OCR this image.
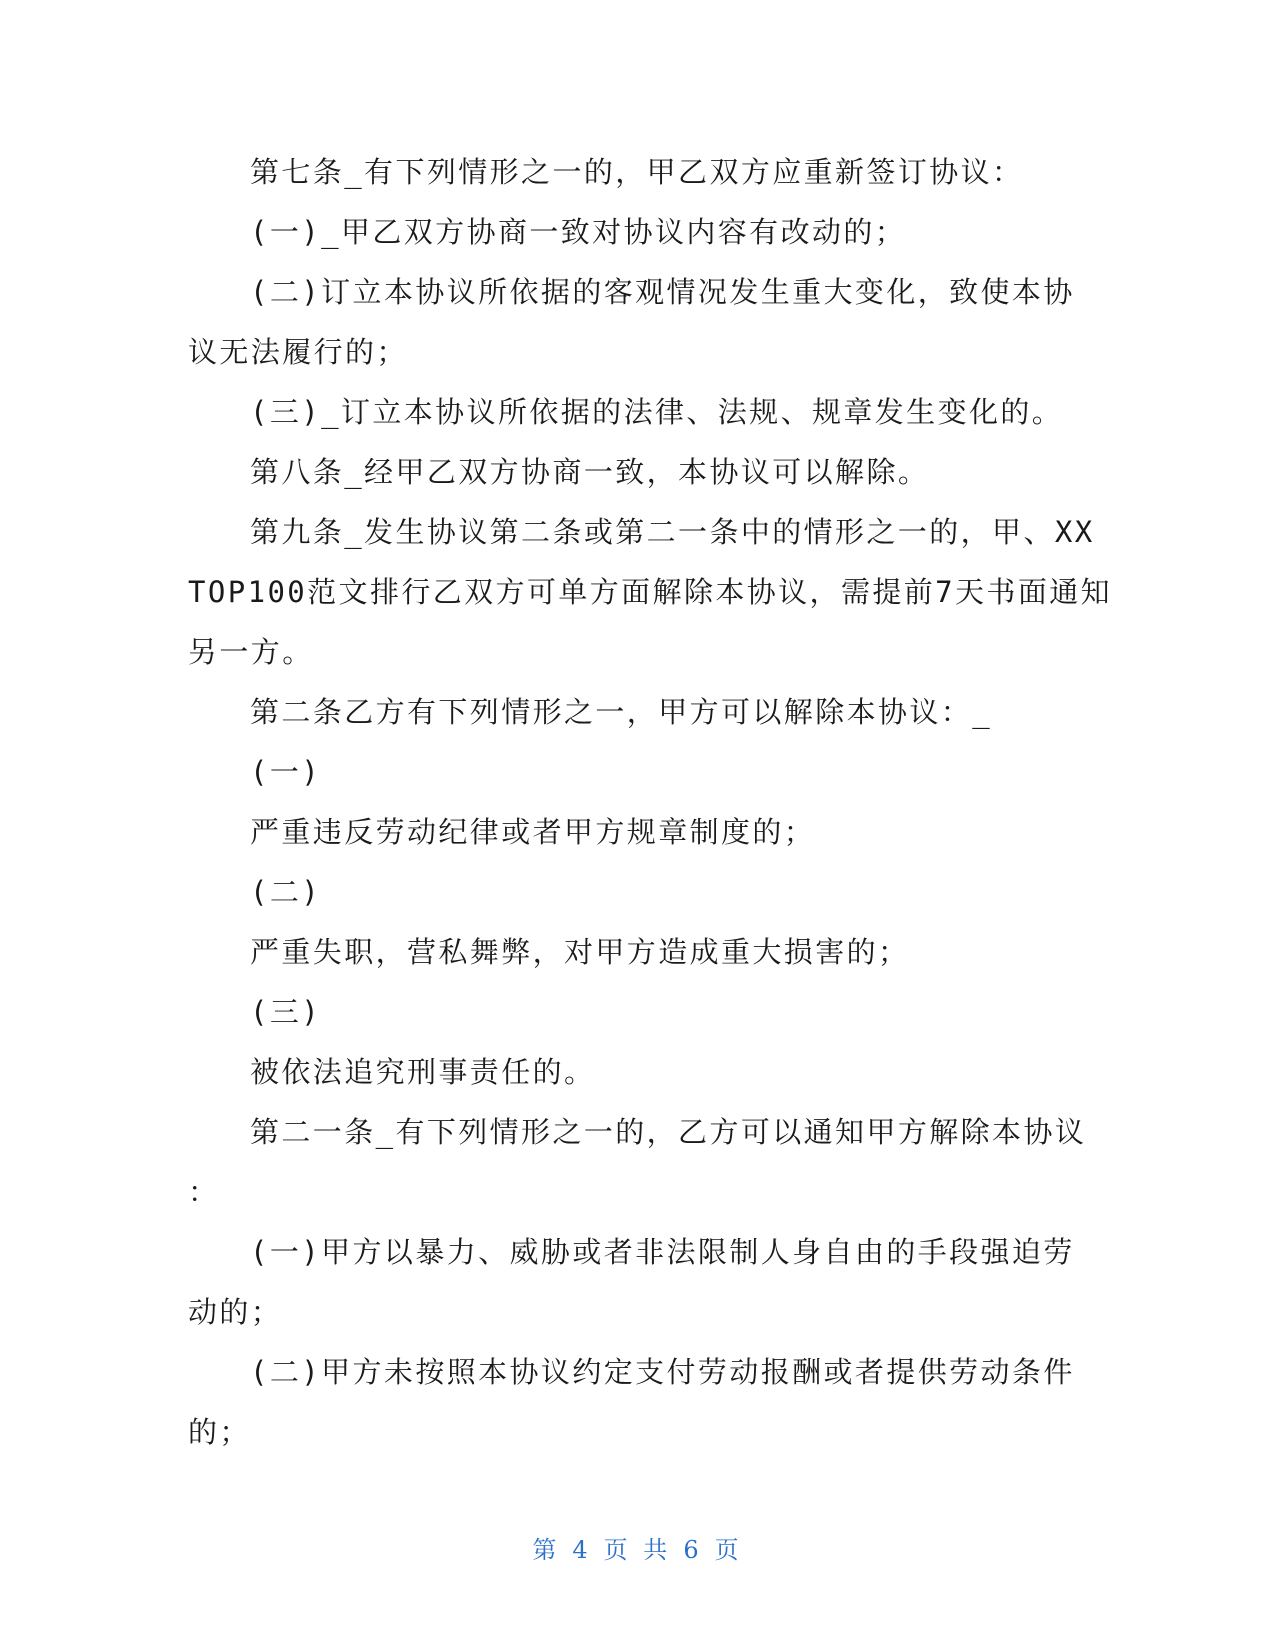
第七条_有下列情形之一的，甲乙双方应重新签订协议：

(一)_甲乙双方协商一致对协议内容有改动的；

(二)订立本协议所依据的客观情况发生重大变化，致使本协

议无法履行的；

(三)_订立本协议所依据的法律、法规、规章发生变化的。

第八条_经甲乙双方协商一致，本协议可以解除。

第九条_发生协议第二条或第二一条中的情形之一的，甲、XX

TOP100范文排行乙双方可单方面解除本协议，需提前7天书面通知

另一方。

第二条乙方有下列情形之一，甲方可以解除本协议：_

(一)

严重违反劳动纪律或者甲方规章制度的；

(二)

严重失职，营私舞弊，对甲方造成重大损害的；

(三)

被依法追究刑事责任的。

第二一条_有下列情形之一的，乙方可以通知甲方解除本协议

：

(一)甲方以暴力、威胁或者非法限制人身自由的手段强迫劳

动的；

(二)甲方未按照本协议约定支付劳动报酬或者提供劳动条件

的；

第 4 页 共 6 页
